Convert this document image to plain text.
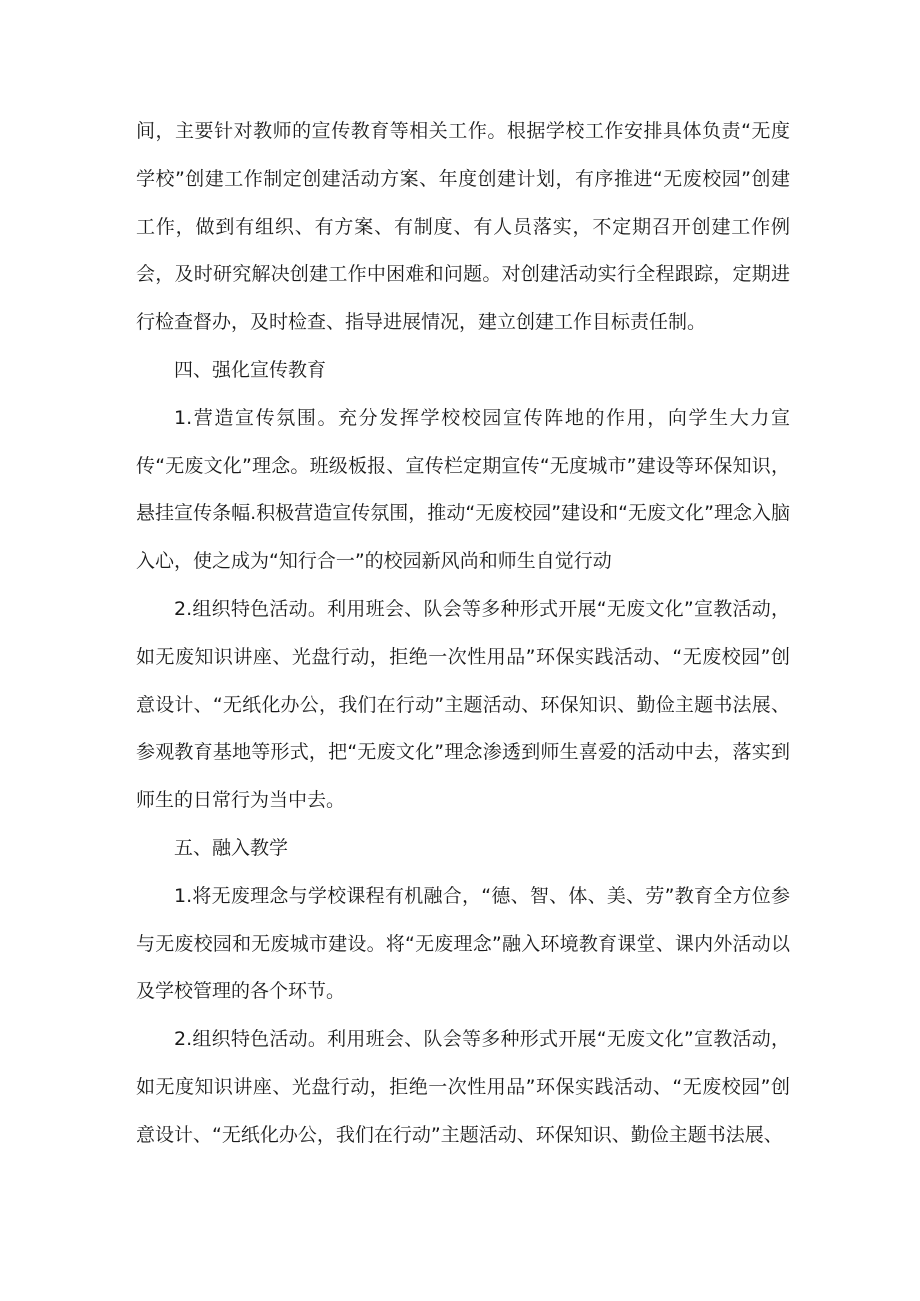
间，主要针对教师的宣传教育等相关工作。根据学校工作安排具体负责“无度学校”创建工作制定创建活动方案、年度创建计划，有序推进“无废校园”创建工作，做到有组织、有方案、有制度、有人员落实，不定期召开创建工作例会，及时研究解决创建工作中困难和问题。对创建活动实行全程跟踪，定期进行检查督办，及时检查、指导进展情况，建立创建工作目标责任制。

四、强化宣传教育

1.营造宣传氛围。充分发挥学校校园宣传阵地的作用，向学生大力宣传“无废文化”理念。班级板报、宣传栏定期宣传“无度城市”建设等环保知识，悬挂宣传条幅.积极营造宣传氛围，推动“无废校园”建设和“无废文化”理念入脑入心，使之成为“知行合一”的校园新风尚和师生自觉行动

2.组织特色活动。利用班会、队会等多种形式开展“无废文化”宣教活动，如无废知识讲座、光盘行动，拒绝一次性用品”环保实践活动、“无废校园”创意设计、“无纸化办公，我们在行动”主题活动、环保知识、勤俭主题书法展、参观教育基地等形式，把“无废文化”理念渗透到师生喜爱的活动中去，落实到师生的日常行为当中去。

五、融入教学

1.将无废理念与学校课程有机融合，“德、智、体、美、劳”教育全方位参与无废校园和无废城市建设。将“无废理念”融入环境教育课堂、课内外活动以及学校管理的各个环节。

2.组织特色活动。利用班会、队会等多种形式开展“无废文化”宣教活动，如无度知识讲座、光盘行动，拒绝一次性用品”环保实践活动、“无废校园”创意设计、“无纸化办公，我们在行动”主题活动、环保知识、勤俭主题书法展、
